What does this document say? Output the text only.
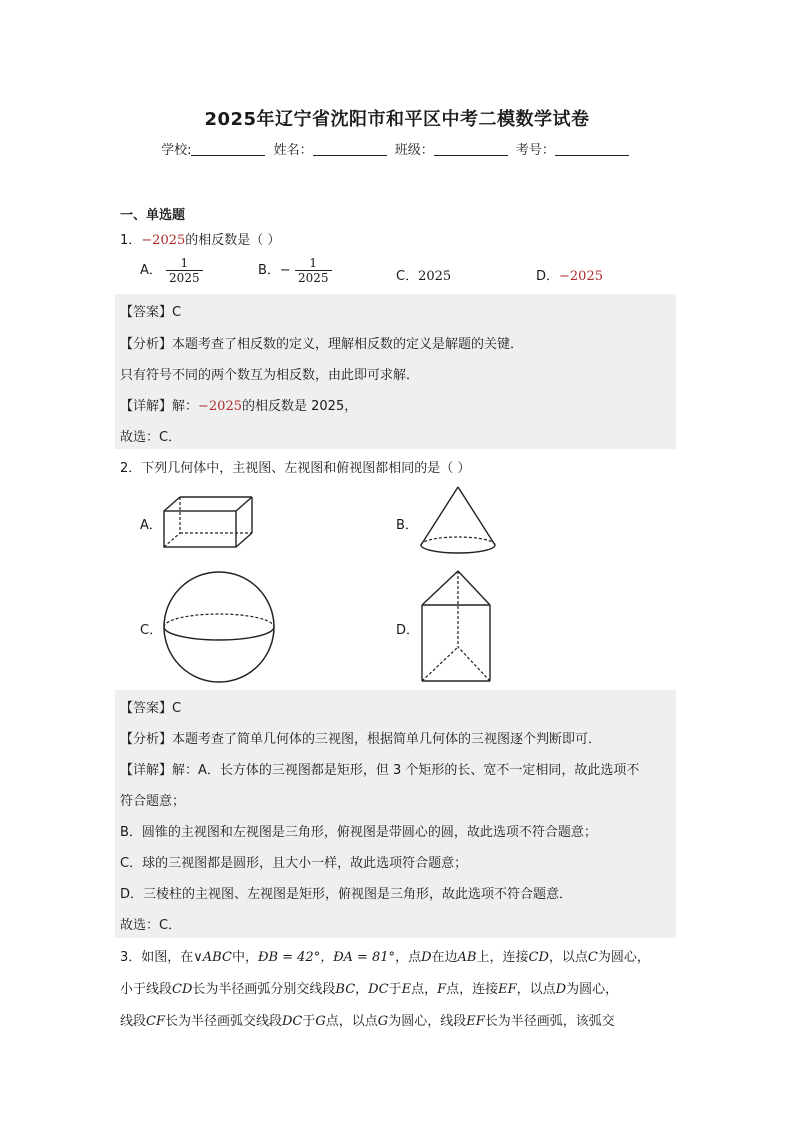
2025年辽宁省沈阳市和平区中考二模数学试卷
学校:	姓名：	班级：	考号：
一、单选题
1．−2025的相反数是（ ）
A． $\frac{1}{2025}$	B．− $\frac{1}{2025}$	C．2025	D．−2025
【答案】C
【分析】本题考查了相反数的定义，理解相反数的定义是解题的关键．
只有符号不同的两个数互为相反数，由此即可求解．
【详解】解：−2025的相反数是 2025，
故选：C．
2．下列几何体中，主视图、左视图和俯视图都相同的是（ ）
A．	B．
C．	D．
【答案】C
【分析】本题考查了简单几何体的三视图，根据简单几何体的三视图逐个判断即可．
【详解】解：A．长方体的三视图都是矩形，但 3 个矩形的长、宽不一定相同，故此选项不
符合题意；
B．圆锥的主视图和左视图是三角形，俯视图是带圆心的圆，故此选项不符合题意；
C．球的三视图都是圆形，且大小一样，故此选项符合题意；
D．三棱柱的主视图、左视图是矩形，俯视图是三角形，故此选项不符合题意．
故选：C．
3．如图，在∨ABC中，ÐB = 42°，ÐA = 81°，点D在边AB上，连接CD，以点C为圆心，
小于线段CD长为半径画弧分别交线段BC，DC于E点，F点，连接EF，以点D为圆心，
线段CF长为半径画弧交线段DC于G点，以点G为圆心，线段EF长为半径画弧，该弧交
